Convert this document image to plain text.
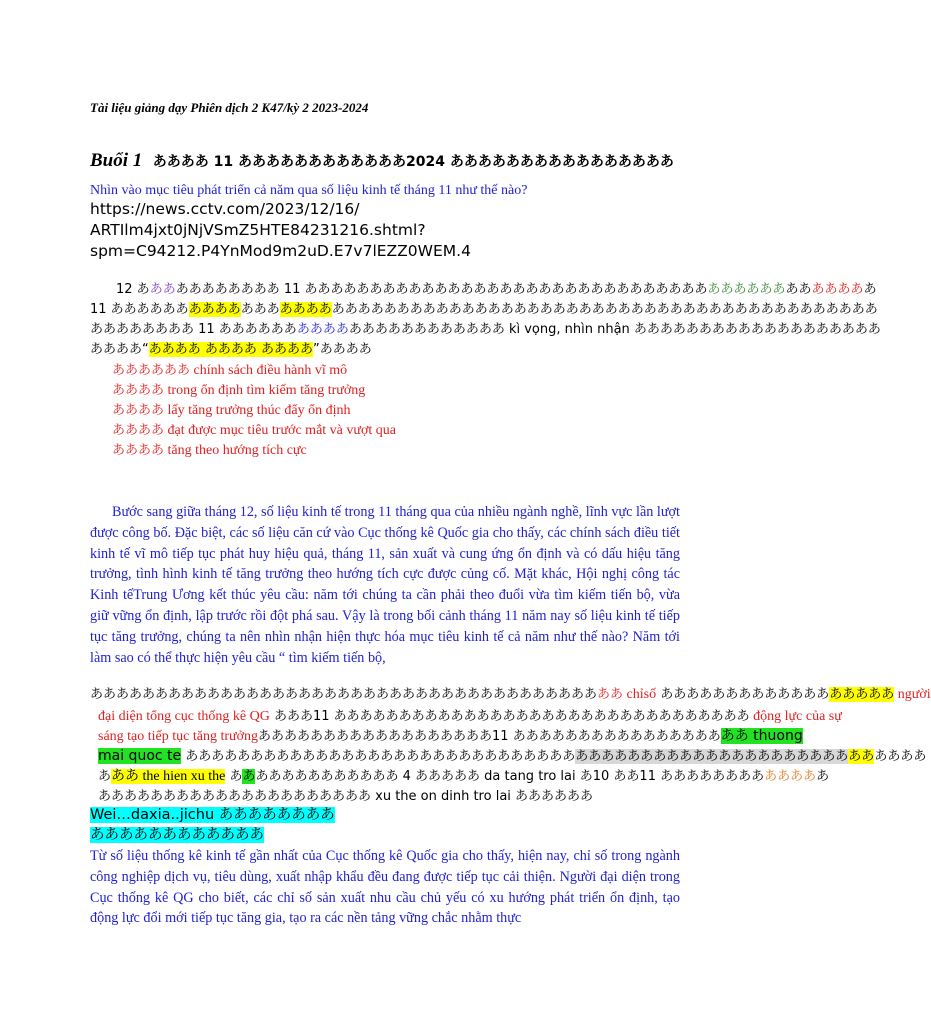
Tài liệu giảng dạy Phiên dịch 2 K47/kỳ 2 2023-2024
Buổi 1 ああああ 11 ああああああああああああ2024 ああああああああああああああああ
Nhìn vào mục tiêu phát triển cả năm qua số liệu kinh tế tháng 11 như thế nào?
https://news.cctv.com/2023/12/16/
ARTIlm4jxt0jNjVSmZ5HTE84231216.shtml?
spm=C94212.P4YnMod9m2uD.E7v7lEZZ0WEM.4
　　12 あああああああああああ 11 ああああああああああああああああああああああああああああああああああああああああああああ
11 あああああああああああああああああああああああああああああああああああああああああああああああああああああああああああ
ああああああああ 11 ああああああああああああああああああああああ kì vọng, nhìn nhận あああああああああああああああああああ
ああああ“ああああ ああああ ああああ”ああああ
ああああああ chính sách điều hành vĩ mô
ああああ trong ổn định tìm kiếm tăng trưởng
ああああ lấy tăng trưởng thúc đẩy ổn định
ああああ đạt được mục tiêu trước mắt và vượt qua
ああああ tăng theo hướng tích cực
Bước sang giữa tháng 12, số liệu kinh tế trong 11 tháng qua của nhiều ngành nghề, lĩnh vực lần lượt được công bố. Đặc biệt, các số liệu căn cứ vào Cục thống kê Quốc gia cho thấy, các chính sách điều tiết kinh tế vĩ mô tiếp tục phát huy hiệu quả, tháng 11, sản xuất và cung ứng ổn định và có dấu hiệu tăng trưởng, tình hình kinh tế tăng trưởng theo hướng tích cực được củng cố. Mặt khác, Hội nghị công tác Kinh tếTrung Ương kết thúc yêu cầu: năm tới chúng ta cần phải theo đuổi vừa tìm kiếm tiến bộ, vừa giữ vững ổn định, lập trước rồi đột phá sau. Vậy là trong bối cảnh tháng 11 năm nay số liệu kinh tế tiếp tục tăng trưởng, chúng ta nên nhìn nhận hiện thực hóa mục tiêu kinh tế cả năm như thế nào? Năm tới làm sao có thể thực hiện yêu cầu “ tìm kiếm tiến bộ,
あああああああああああああああああああああああああああああああああああああああああ chỉsố ああああああああああああああああああ người
đại diện tổng cục thống kê QG あああ11 ああああああああああああああああああああああああああああああああ động lực của sự
sáng tạo tiếp tục tăng trưởngああああああああああああああああああ11 ああああああああああああああああああ thuong
mai quoc te あああああああああああああああああああああああああああああああああああああああああああああああああああああああああ
あああ the hien xu the あああああああああああああ 4 あああああ da tang tro lai あ10 ああ11 あああああああああああああ
あああああああああああああああああああああ xu the on dinh tro lai ああああああ
Wei…daxia..jichu ああああああああ
ああああああああああああ
Từ số liệu thống kê kinh tế gần nhất của Cục thống kê Quốc gia cho thấy, hiện nay, chỉ số trong ngành công nghiệp dịch vụ, tiêu dùng, xuất nhập khẩu đều đang được tiếp tục cải thiện. Người đại diện trong Cục thống kê QG cho biết, các chỉ số sản xuất nhu cầu chủ yếu có xu hướng phát triển ổn định, tạo động lực đổi mới tiếp tục tăng gia, tạo ra các nền tảng vững chắc nhằm thực
